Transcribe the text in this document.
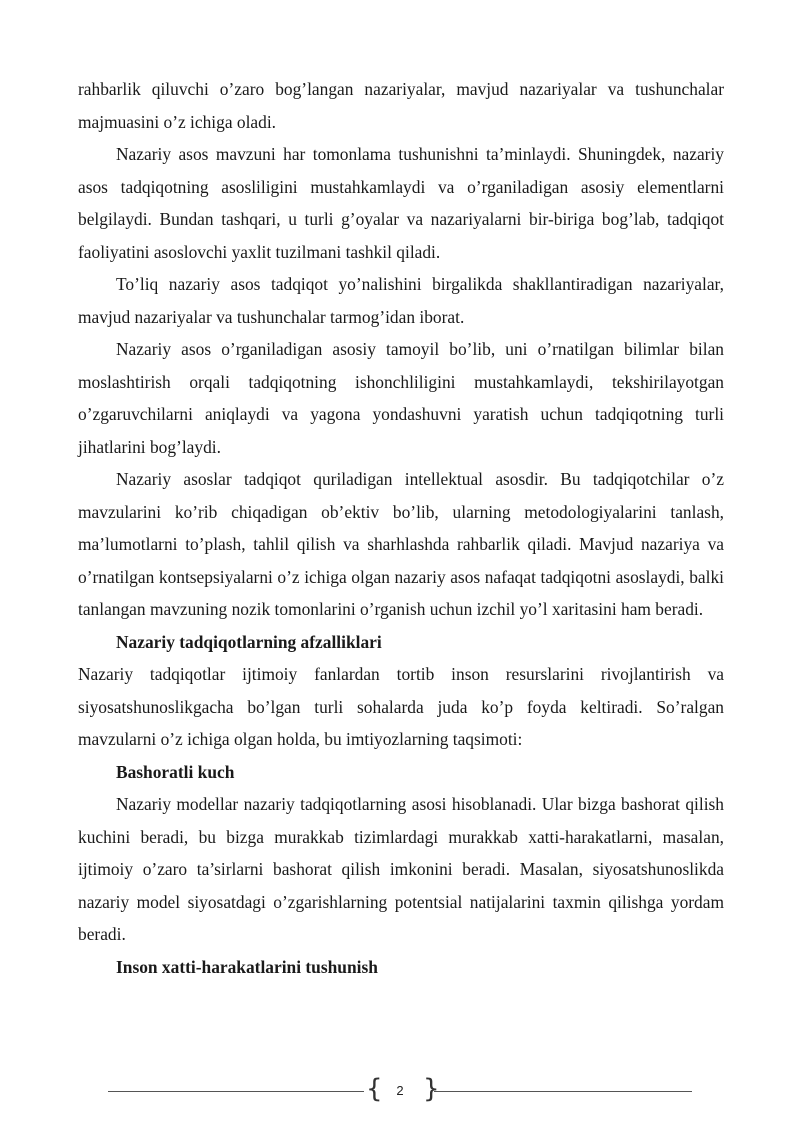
rahbarlik qiluvchi o’zaro bog’langan nazariyalar, mavjud nazariyalar va tushunchalar majmuasini o’z ichiga oladi.

Nazariy asos mavzuni har tomonlama tushunishni ta’minlaydi. Shuningdek, nazariy asos tadqiqotning asosliligini mustahkamlaydi va o’rganiladigan asosiy elementlarni belgilaydi. Bundan tashqari, u turli g’oyalar va nazariyalarni bir-biriga bog’lab, tadqiqot faoliyatini asoslovchi yaxlit tuzilmani tashkil qiladi.

To’liq nazariy asos tadqiqot yo’nalishini birgalikda shakllantiradigan nazariyalar, mavjud nazariyalar va tushunchalar tarmog’idan iborat.

Nazariy asos o’rganiladigan asosiy tamoyil bo’lib, uni o’rnatilgan bilimlar bilan moslashtirish orqali tadqiqotning ishonchliligini mustahkamlaydi, tekshirilayotgan o’zgaruvchilarni aniqlaydi va yagona yondashuvni yaratish uchun tadqiqotning turli jihatlarini bog’laydi.

Nazariy asoslar tadqiqot quriladigan intellektual asosdir. Bu tadqiqotchilar o’z mavzularini ko’rib chiqadigan ob’ektiv bo’lib, ularning metodologiyalarini tanlash, ma’lumotlarni to’plash, tahlil qilish va sharhlashda rahbarlik qiladi. Mavjud nazariya va o’rnatilgan kontsepsiyalarni o’z ichiga olgan nazariy asos nafaqat tadqiqotni asoslaydi, balki tanlangan mavzuning nozik tomonlarini o’rganish uchun izchil yo’l xaritasini ham beradi.

Nazariy tadqiqotlarning afzalliklari

Nazariy tadqiqotlar ijtimoiy fanlardan tortib inson resurslarini rivojlantirish va siyosatshunoslikgacha bo’lgan turli sohalarda juda ko’p foyda keltiradi. So’ralgan mavzularni o’z ichiga olgan holda, bu imtiyozlarning taqsimoti:

Bashoratli kuch

Nazariy modellar nazariy tadqiqotlarning asosi hisoblanadi. Ular bizga bashorat qilish kuchini beradi, bu bizga murakkab tizimlardagi murakkab xatti-harakatlarni, masalan, ijtimoiy o’zaro ta’sirlarni bashorat qilish imkonini beradi. Masalan, siyosatshunoslikda nazariy model siyosatdagi o’zgarishlarning potentsial natijalarini taxmin qilishga yordam beradi.

Inson xatti-harakatlarini tushunish
{	2 }
